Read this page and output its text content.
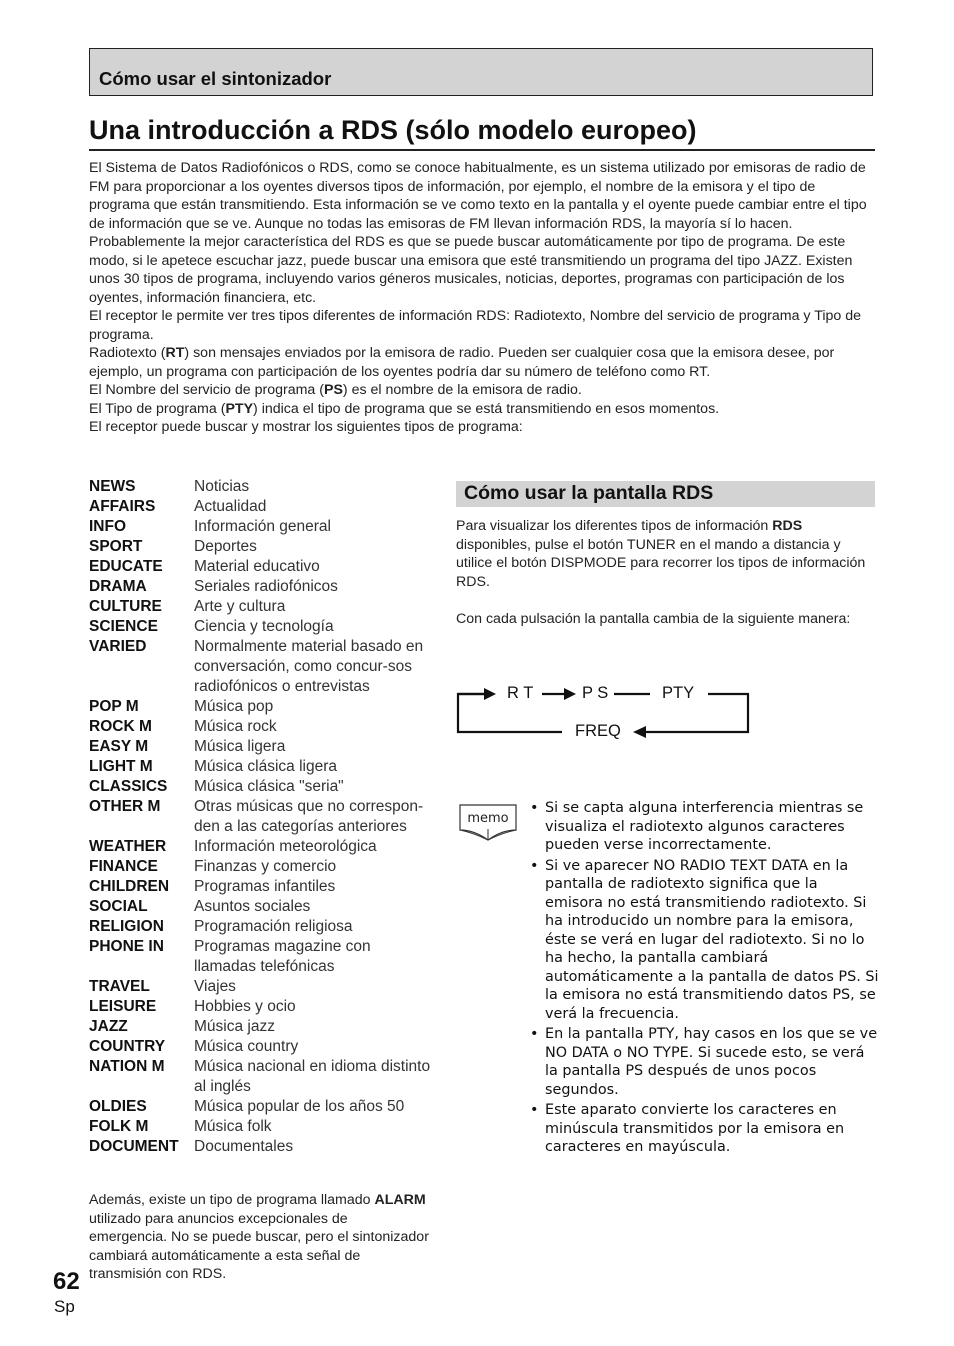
Cómo usar el sintonizador
Una introducción a RDS (sólo modelo europeo)

El Sistema de Datos Radiofónicos o RDS, como se conoce habitualmente, es un sistema utilizado por emisoras de radio de FM para proporcionar a los oyentes diversos tipos de información, por ejemplo, el nombre de la emisora y el tipo de programa que están transmitiendo. Esta información se ve como texto en la pantalla y el oyente puede cambiar entre el tipo de información que se ve. Aunque no todas las emisoras de FM llevan información RDS, la mayoría sí lo hacen.

Probablemente la mejor característica del RDS es que se puede buscar automáticamente por tipo de programa. De este modo, si le apetece escuchar jazz, puede buscar una emisora que esté transmitiendo un programa del tipo JAZZ. Existen unos 30 tipos de programa, incluyendo varios géneros musicales, noticias, deportes, programas con participación de los oyentes, información financiera, etc.

El receptor le permite ver tres tipos diferentes de información RDS: Radiotexto, Nombre del servicio de programa y Tipo de programa.

Radiotexto (RT) son mensajes enviados por la emisora de radio. Pueden ser cualquier cosa que la emisora desee, por ejemplo, un programa con participación de los oyentes podría dar su número de teléfono como RT.

El Nombre del servicio de programa (PS) es el nombre de la emisora de radio.

El Tipo de programa (PTY) indica el tipo de programa que se está transmitiendo en esos momentos.

El receptor puede buscar y mostrar los siguientes tipos de programa:

NEWS	Noticias
AFFAIRS	Actualidad
INFO	Información general
SPORT	Deportes
EDUCATE	Material educativo
DRAMA	Seriales radiofónicos
CULTURE	Arte y cultura
SCIENCE	Ciencia y tecnología
VARIED	Normalmente material basado en conversación, como concur-sos radiofónicos o entrevistas
POP M	Música pop
ROCK M	Música rock
EASY M	Música ligera
LIGHT M	Música clásica ligera
CLASSICS	Música clásica "seria"
OTHER M	Otras músicas que no correspon-den a las categorías anteriores
WEATHER	Información meteorológica
FINANCE	Finanzas y comercio
CHILDREN	Programas infantiles
SOCIAL	Asuntos sociales
RELIGION	Programación religiosa
PHONE IN	Programas magazine con llamadas telefónicas
TRAVEL	Viajes
LEISURE	Hobbies y ocio
JAZZ	Música jazz
COUNTRY	Música country
NATION M	Música nacional en idioma distinto al inglés
OLDIES	Música popular de los años 50
FOLK M	Música folk
DOCUMENT	Documentales

Además, existe un tipo de programa llamado ALARM utilizado para anuncios excepcionales de emergencia. No se puede buscar, pero el sintonizador cambiará automáticamente a esta señal de transmisión con RDS.

62
Sp
Cómo usar la pantalla RDS

Para visualizar los diferentes tipos de información RDS disponibles, pulse el botón TUNER en el mando a distancia y utilice el botón DISPMODE para recorrer los tipos de información RDS.

Con cada pulsación la pantalla cambia de la siguiente manera:

R T	P S	PTY
FREQ
memo
• Si se capta alguna interferencia mientras se visualiza el radiotexto algunos caracteres pueden verse incorrectamente.
• Si ve aparecer NO RADIO TEXT DATA en la pantalla de radiotexto significa que la emisora no está transmitiendo radiotexto. Si ha introducido un nombre para la emisora,
éste se verá en lugar del radiotexto. Si no lo ha hecho, la pantalla cambiará automáticamente a la pantalla de datos PS. Si la emisora no está transmitiendo datos PS, se verá la frecuencia.
• En la pantalla PTY, hay casos en los que se ve NO DATA o NO TYPE. Si sucede esto, se verá la pantalla PS después de unos pocos segundos.
• Este aparato convierte los caracteres en minúscula transmitidos por la emisora en caracteres en mayúscula.
